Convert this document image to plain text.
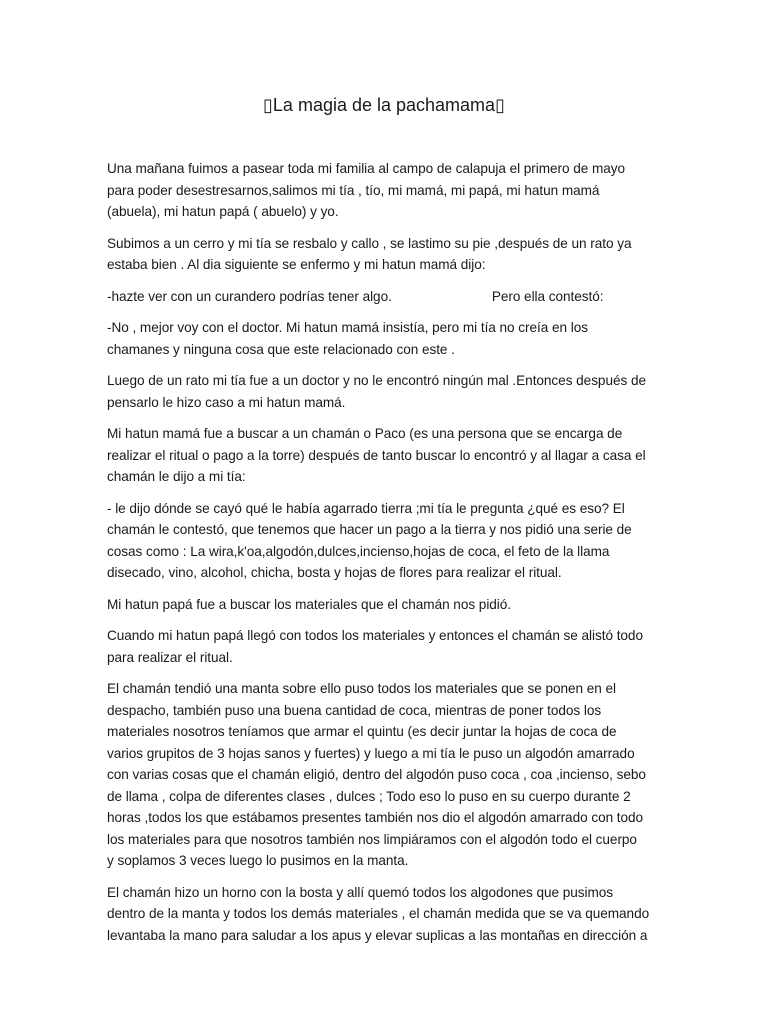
▯La magia de la pachamama▯

Una mañana fuimos a pasear toda mi familia al campo de calapuja el primero de mayo
para poder desestresarnos,salimos mi tía , tío, mi mamá, mi papá, mi hatun mamá
(abuela), mi hatun papá ( abuelo) y yo.

Subimos a un cerro y mi tía se resbalo y callo , se lastimo su pie ,después de un rato ya
estaba bien . Al dia siguiente se enfermo y mi hatun mamá dijo:

-hazte ver con un curandero podrías tener algo.	Pero ella contestó:

-No , mejor voy con el doctor. Mi hatun mamá insistía, pero mi tía no creía en los
chamanes y ninguna cosa que este relacionado con este .

Luego de un rato mi tía fue a un doctor y no le encontró ningún mal .Entonces después de
pensarlo le hizo caso a mi hatun mamá.

Mi hatun mamá fue a buscar a un chamán o Paco (es una persona que se encarga de
realizar el ritual o pago a la torre) después de tanto buscar lo encontró y al llagar a casa el
chamán le dijo a mi tía:

- le dijo dónde se cayó qué le había agarrado tierra ;mi tía le pregunta ¿qué es eso? El
chamán le contestó, que tenemos que hacer un pago a la tierra y nos pidió una serie de
cosas como : La wira,k'oa,algodón,dulces,incienso,hojas de coca, el feto de la llama
disecado, vino, alcohol, chicha, bosta y hojas de flores para realizar el ritual.

Mi hatun papá fue a buscar los materiales que el chamán nos pidió.

Cuando mi hatun papá llegó con todos los materiales y entonces el chamán se alistó todo
para realizar el ritual.

El chamán tendió una manta sobre ello puso todos los materiales que se ponen en el
despacho, también puso una buena cantidad de coca, mientras de poner todos los
materiales nosotros teníamos que armar el quintu (es decir juntar la hojas de coca de
varios grupitos de 3 hojas sanos y fuertes) y luego a mi tía le puso un algodón amarrado
con varias cosas que el chamán eligió, dentro del algodón puso coca , coa ,incienso, sebo
de llama , colpa de diferentes clases , dulces ; Todo eso lo puso en su cuerpo durante 2
horas ,todos los que estábamos presentes también nos dio el algodón amarrado con todo
los materiales para que nosotros también nos limpiáramos con el algodón todo el cuerpo
y soplamos 3 veces luego lo pusimos en la manta.

El chamán hizo un horno con la bosta y allí quemó todos los algodones que pusimos
dentro de la manta y todos los demás materiales , el chamán medida que se va quemando
levantaba la mano para saludar a los apus y elevar suplicas a las montañas en dirección a
